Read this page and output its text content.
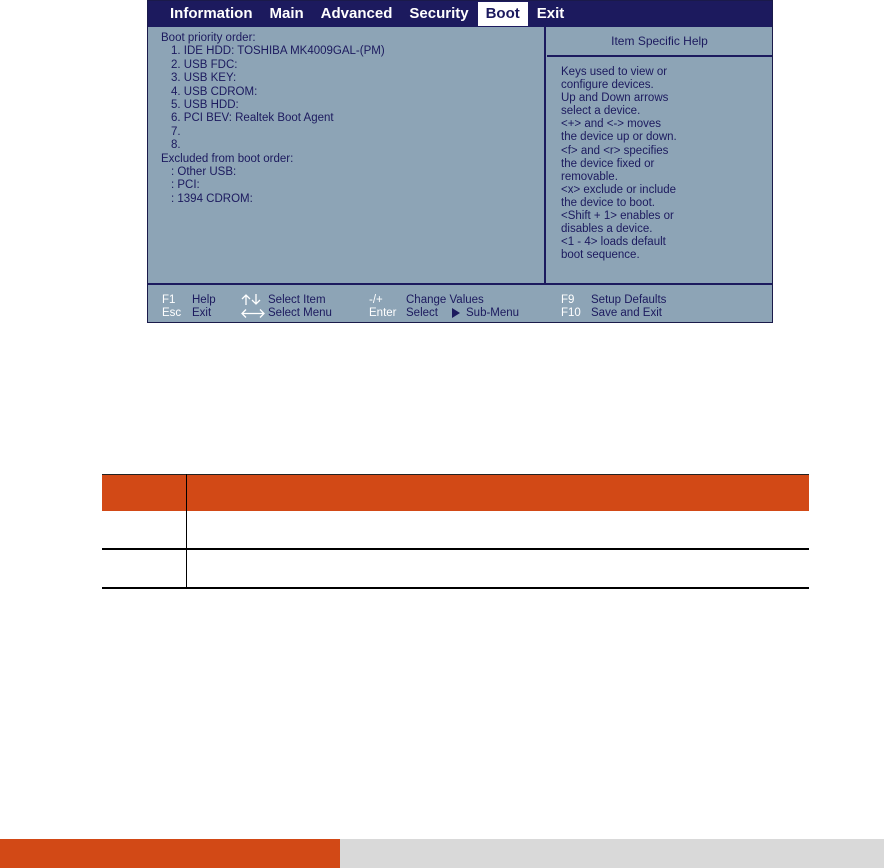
Information	Main	Advanced	Security	Boot	Exit
Boot priority order:
1. IDE HDD: TOSHIBA MK4009GAL-(PM)
2. USB FDC:
3. USB KEY:
4. USB CDROM:
5. USB HDD:
6. PCI BEV: Realtek Boot Agent
7.
8.
Excluded from boot order:
: Other USB:
: PCI:
: 1394 CDROM:
Item Specific Help
Keys used to view or
configure devices.
Up and Down arrows
select a device.
<+> and <-> moves
the device up or down.
<f> and <r> specifies
the device fixed or
removable.
<x> exclude or include
the device to boot.
<Shift + 1> enables or
disables a device.
<1 - 4> loads default
boot sequence.
F1 Help
Esc Exit
Select Item
Select Menu
-/+ Change Values
Enter Select Sub-Menu
F9 Setup Defaults
F10 Save and Exit
